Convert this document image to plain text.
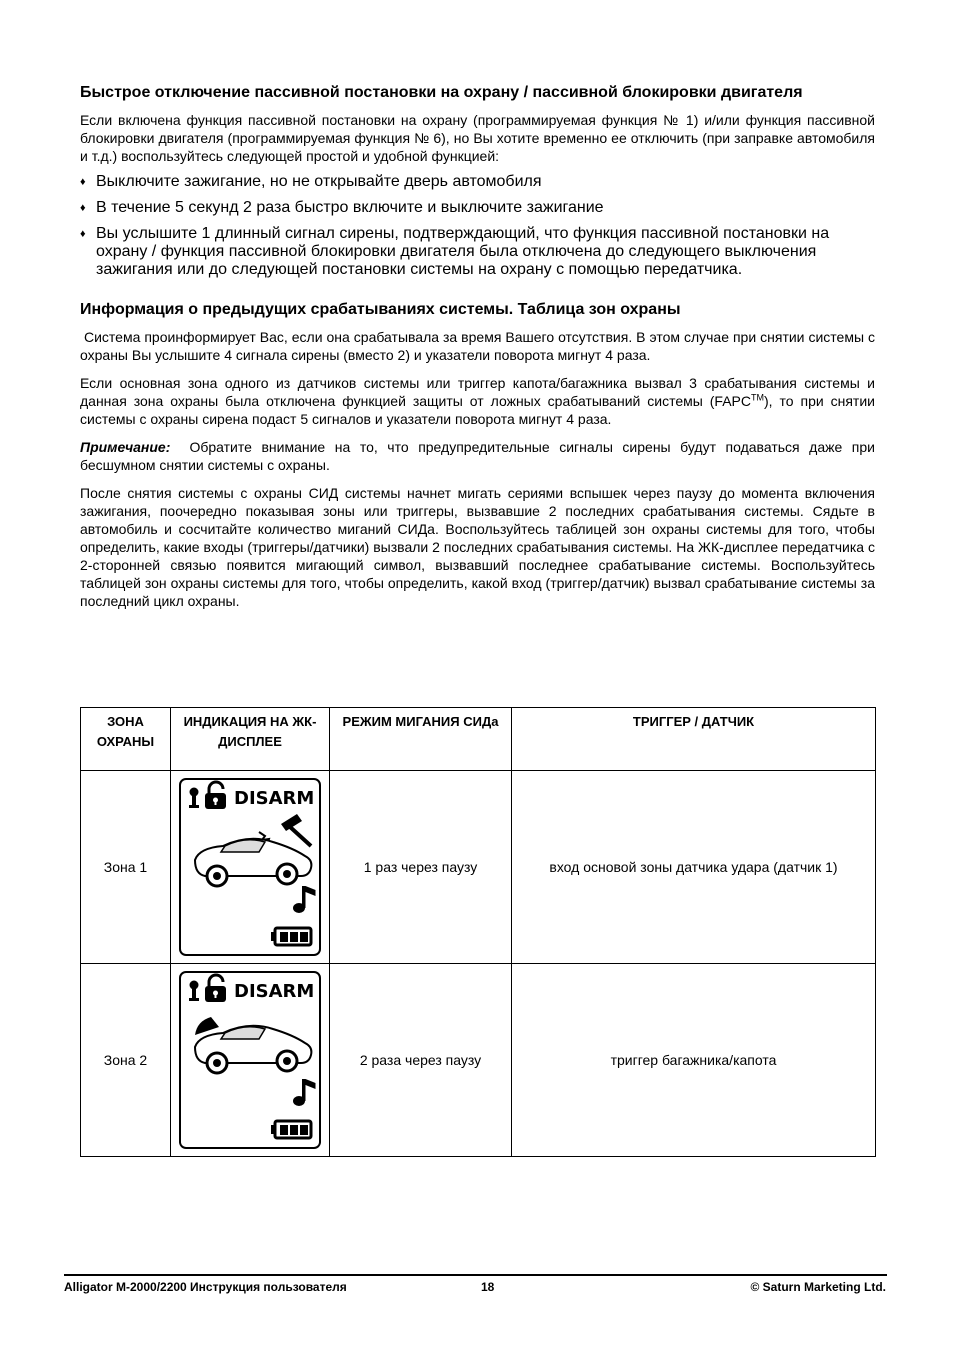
Быстрое отключение пассивной постановки на охрану / пассивной блокировки двигателя

Если включена функция пассивной постановки на охрану (программируемая функция № 1) и/или функция пассивной блокировки двигателя (программируемая функция № 6), но Вы хотите временно ее отключить (при заправке автомобиля и т.д.) воспользуйтесь следующей простой и удобной функцией:

♦ Выключите зажигание, но не открывайте дверь автомобиля
♦ В течение 5 секунд 2 раза быстро включите и выключите зажигание
♦ Вы услышите 1 длинный сигнал сирены, подтверждающий, что функция пассивной постановки на охрану / функция пассивной блокировки двигателя была отключена до следующего выключения зажигания или до следующей постановки системы на охрану с помощью передатчика.
Информация о предыдущих срабатываниях системы. Таблица зон охраны

Система проинформирует Вас, если она срабатывала за время Вашего отсутствия. В этом случае при снятии системы с охраны Вы услышите 4 сигнала сирены (вместо 2) и указатели поворота мигнут 4 раза.

Если основная зона одного из датчиков системы или триггер капота/багажника вызвал 3 срабатывания системы и данная зона охраны была отключена функцией защиты от ложных срабатываний системы (FAPC™), то при снятии системы с охраны сирена подаст 5 сигналов и указатели поворота мигнут 4 раза.

Примечание:  Обратите внимание на то, что предупредительные сигналы сирены будут подаваться даже при бесшумном снятии системы с охраны.

После снятия системы с охраны СИД системы начнет мигать сериями вспышек через паузу до момента включения зажигания, поочередно показывая зоны или триггеры, вызвавшие 2 последних срабатывания системы. Сядьте в автомобиль и сосчитайте количество миганий СИДа. Воспользуйтесь таблицей зон охраны системы для того, чтобы определить, какие входы (триггеры/датчики) вызвали 2 последних срабатывания системы. На ЖК-дисплее передатчика с 2-сторонней связью появится мигающий символ, вызвавший последнее срабатывание системы. Воспользуйтесь таблицей зон охраны системы для того, чтобы определить, какой вход (триггер/датчик) вызвал срабатывание системы за последний цикл охраны.

ЗОНА
ОХРАНЫ	ИНДИКАЦИЯ НА ЖК-ДИСПЛЕЕ	РЕЖИМ МИГАНИЯ СИДа	ТРИГГЕР / ДАТЧИК
Зона 1	DISARM	1 раз через паузу	вход основой зоны датчика удара (датчик 1)
Зона 2	DISARM	2 раза через паузу	триггер багажника/капота
Alligator M-2000/2200 Инструкция пользователя	18	© Saturn Marketing Ltd.
